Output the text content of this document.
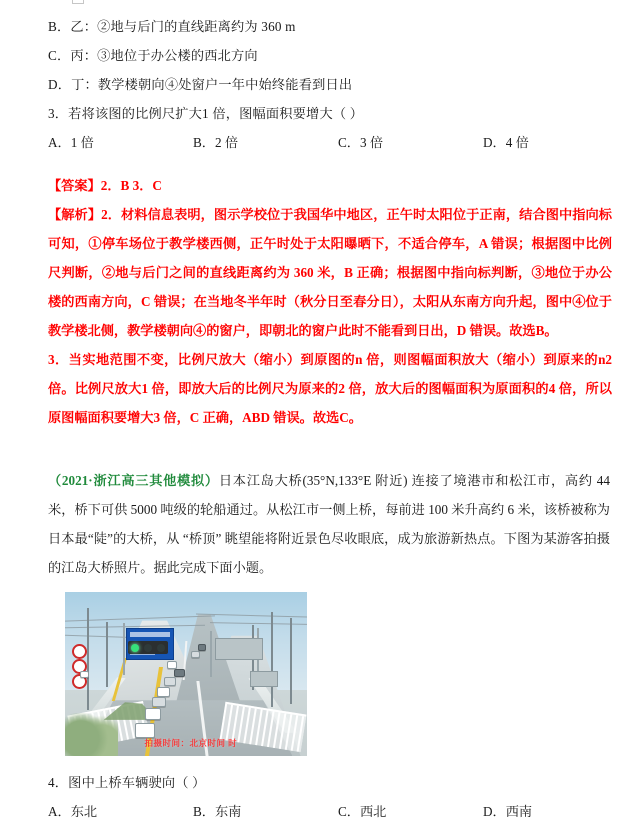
B．乙：②地与后门的直线距离约为 360 m
C．丙：③地位于办公楼的西北方向
D．丁：教学楼朝向④处窗户一年中始终能看到日出
3．若将该图的比例尺扩大1 倍，图幅面积要增大（ ）
A．1 倍	B．2 倍	C．3 倍	D．4 倍
【答案】2．B 3．C

【解析】2．材料信息表明，图示学校位于我国华中地区，正午时太阳位于正南，结合图中指向标可知，①停车场位于教学楼西侧，正午时处于太阳曝晒下，不适合停车，A 错误；根据图中比例尺判断，②地与后门之间的直线距离约为 360 米，B 正确；根据图中指向标判断，③地位于办公楼的西南方向，C 错误；在当地冬半年时（秋分日至春分日），太阳从东南方向升起，图中④位于教学楼北侧，教学楼朝向④的窗户，即朝北的窗户此时不能看到日出，D 错误。故选B。

3．当实地范围不变，比例尺放大（缩小）到原图的n 倍，则图幅面积放大（缩小）到原来的n2 倍。比例尺放大1 倍，即放大后的比例尺为原来的2 倍，放大后的图幅面积为原面积的4 倍，所以原图幅面积要增大3 倍，C 正确，ABD 错误。故选C。

（2021·浙江高三其他模拟）日本江岛大桥(35°N,133°E 附近) 连接了境港市和松江市，高约 44 米，桥下可供 5000 吨级的轮船通过。从松江市一侧上桥，每前进 100 米升高约 6 米，该桥被称为日本最“陡”的大桥，从 “桥顶” 眺望能将附近景色尽收眼底，成为旅游新热点。下图为某游客拍摄的江岛大桥照片。据此完成下面小题。
拍摄时间：北京时间 时
4．图中上桥车辆驶向（ ）
A．东北	B．东南	C．西北	D．西南
